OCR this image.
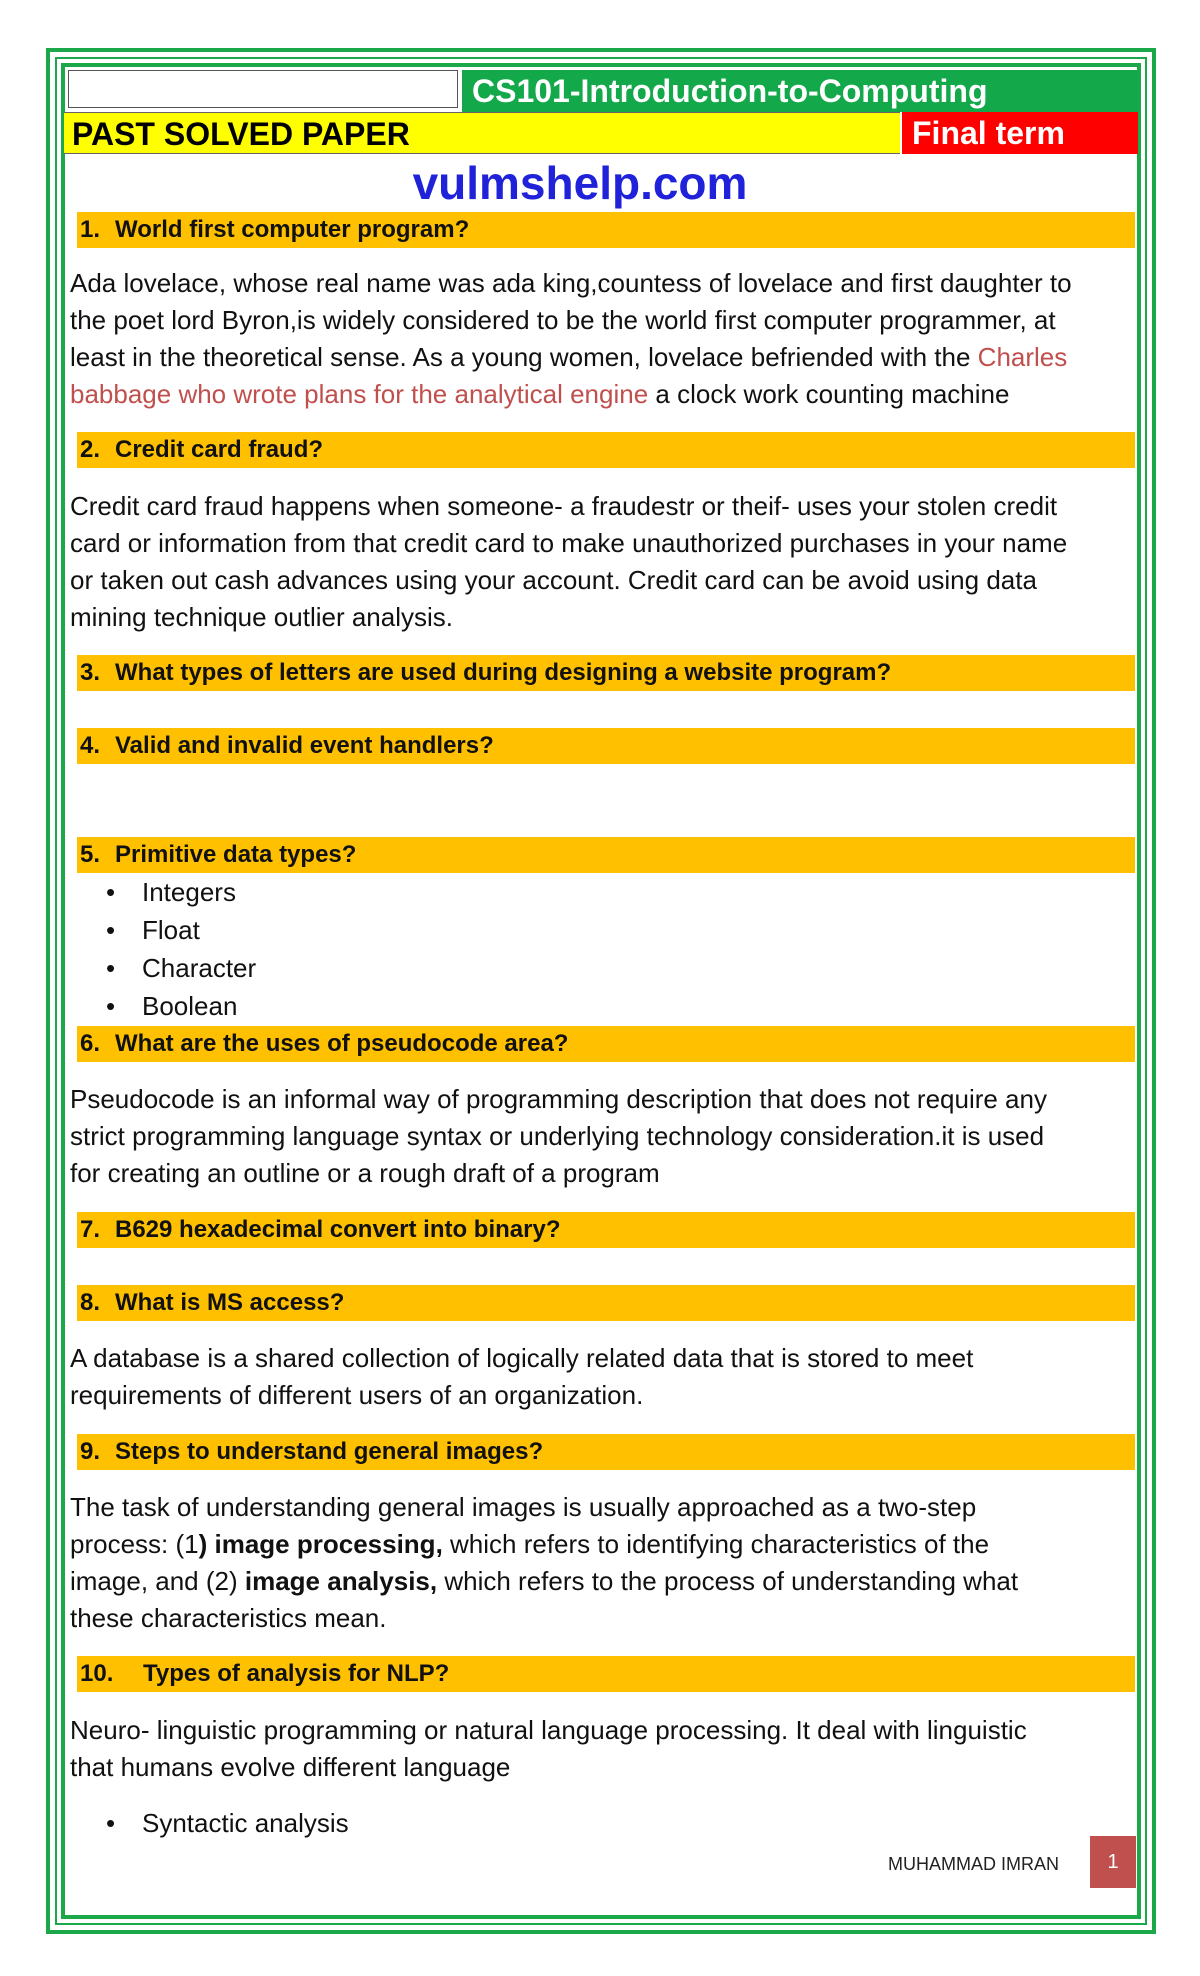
CS101-Introduction-to-Computing
PAST SOLVED PAPER	Final term
vulmshelp.com
1. World first computer program?

Ada lovelace, whose real name was ada king,countess of lovelace and first daughter to
the poet lord Byron,is widely considered to be the world first computer programmer, at
least in the theoretical sense. As a young women, lovelace befriended with the Charles
babbage who wrote plans for the analytical engine a clock work counting machine

2. Credit card fraud?

Credit card fraud happens when someone- a fraudestr or theif- uses your stolen credit
card or information from that credit card to make unauthorized purchases in your name
or taken out cash advances using your account. Credit card can be avoid using data
mining technique outlier analysis.

3. What types of letters are used during designing a website program?
4. Valid and invalid event handlers?
5. Primitive data types?
• Integers
• Float
• Character
• Boolean
6. What are the uses of pseudocode area?

Pseudocode is an informal way of programming description that does not require any
strict programming language syntax or underlying technology consideration.it is used
for creating an outline or a rough draft of a program

7. B629 hexadecimal convert into binary?
8. What is MS access?

A database is a shared collection of logically related data that is stored to meet
requirements of different users of an organization.

9. Steps to understand general images?

The task of understanding general images is usually approached as a two-step
process: (1) image processing, which refers to identifying characteristics of the
image, and (2) image analysis, which refers to the process of understanding what
these characteristics mean.

10. Types of analysis for NLP?

Neuro- linguistic programming or natural language processing. It deal with linguistic
that humans evolve different language

• Syntactic analysis
MUHAMMAD IMRAN	1
